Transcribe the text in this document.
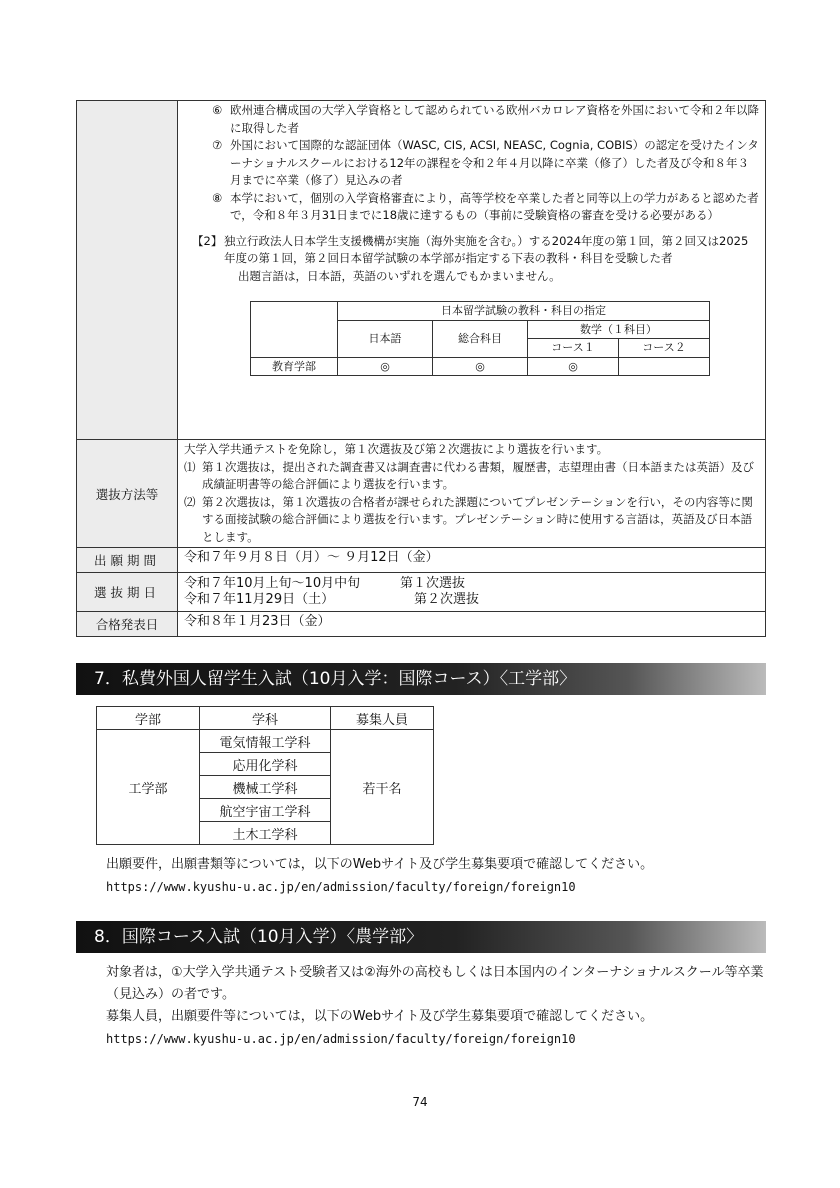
⑥ 欧州連合構成国の大学入学資格として認められている欧州バカロレア資格を外国において令和２年以降に取得した者
⑦ 外国において国際的な認証団体（WASC, CIS, ACSI, NEASC, Cognia, COBIS）の認定を受けたインターナショナルスクールにおける12年の課程を令和２年４月以降に卒業（修了）した者及び令和８年３月までに卒業（修了）見込みの者
⑧ 本学において，個別の入学資格審査により，高等学校を卒業した者と同等以上の学力があると認めた者で，令和８年３月31日までに18歳に達するもの（事前に受験資格の審査を受ける必要がある）
【2】 独立行政法人日本学生支援機構が実施（海外実施を含む。）する2024年度の第１回，第２回又は2025年度の第１回，第２回日本留学試験の本学部が指定する下表の教科・科目を受験した者
出題言語は，日本語，英語のいずれを選んでもかまいません。
	日本留学試験の教科・科目の指定
日本語	総合科目	数学（１科目）
コース１	コース２
教育学部	◎	◎	◎	

選抜方法等	
大学入学共通テストを免除し，第１次選抜及び第２次選抜により選抜を行います。
⑴ 第１次選抜は，提出された調査書又は調査書に代わる書類，履歴書，志望理由書（日本語または英語）及び成績証明書等の総合評価により選抜を行います。
⑵ 第２次選抜は，第１次選抜の合格者が課せられた課題についてプレゼンテーションを行い，その内容等に関する面接試験の総合評価により選抜を行います。プレゼンテーション時に使用する言語は，英語及び日本語とします。

出願期間	令和７年９月８日（月）～ ９月12日（金）
選抜期日	
令和７年10月上旬～10月中旬	第１次選抜
令和７年11月29日（土）	第２次選抜

合格発表日	令和８年１月23日（金）
7．私費外国人留学生入試（10月入学：国際コース）〈工学部〉
学部	学科	募集人員
工学部	電気情報工学科	若干名
	応用化学科	
	機械工学科	
	航空宇宙工学科	
	土木工学科	
出願要件，出願書類等については，以下のWebサイト及び学生募集要項で確認してください。
https://www.kyushu-u.ac.jp/en/admission/faculty/foreign/foreign10
8．国際コース入試（10月入学）〈農学部〉
対象者は，①大学入学共通テスト受験者又は②海外の高校もしくは日本国内のインターナショナルスクール等卒業（見込み）の者です。
募集人員，出願要件等については，以下のWebサイト及び学生募集要項で確認してください。
https://www.kyushu-u.ac.jp/en/admission/faculty/foreign/foreign10
74
